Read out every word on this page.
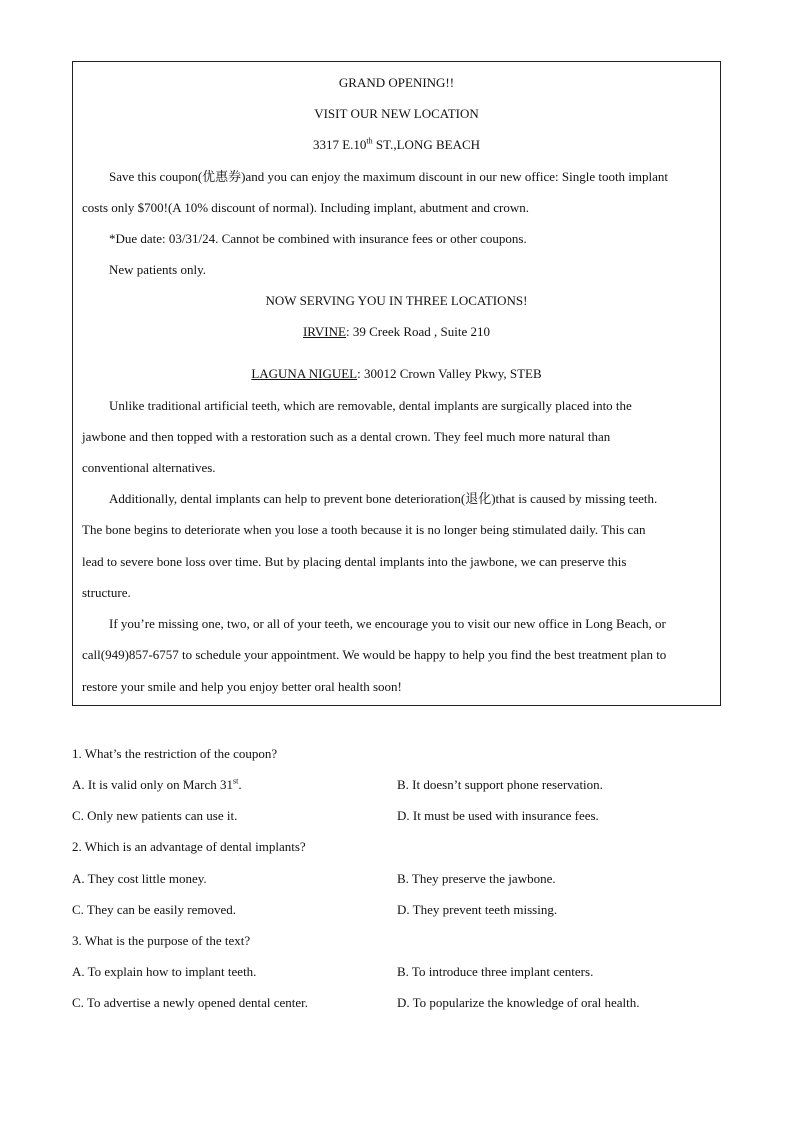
GRAND OPENING!!
VISIT OUR NEW LOCATION
3317 E.10th ST.,LONG BEACH
Save this coupon(优惠券)and you can enjoy the maximum discount in our new office: Single tooth implant
costs only $700!(A 10% discount of normal). Including implant, abutment and crown.
*Due date: 03/31/24. Cannot be combined with insurance fees or other coupons.
New patients only.
NOW SERVING YOU IN THREE LOCATIONS!
IRVINE: 39 Creek Road , Suite 210
LAGUNA NIGUEL: 30012 Crown Valley Pkwy, STEB
Unlike traditional artificial teeth, which are removable, dental implants are surgically placed into the
jawbone and then topped with a restoration such as a dental crown. They feel much more natural than
conventional alternatives.
Additionally, dental implants can help to prevent bone deterioration(退化)that is caused by missing teeth.
The bone begins to deteriorate when you lose a tooth because it is no longer being stimulated daily. This can
lead to severe bone loss over time. But by placing dental implants into the jawbone, we can preserve this
structure.
If you’re missing one, two, or all of your teeth, we encourage you to visit our new office in Long Beach, or
call(949)857-6757 to schedule your appointment. We would be happy to help you find the best treatment plan to
restore your smile and help you enjoy better oral health soon!
1. What’s the restriction of the coupon?
A. It is valid only on March 31st.	B. It doesn’t support phone reservation.
C. Only new patients can use it.	D. It must be used with insurance fees.
2. Which is an advantage of dental implants?
A. They cost little money.	B. They preserve the jawbone.
C. They can be easily removed.	D. They prevent teeth missing.
3. What is the purpose of the text?
A. To explain how to implant teeth.	B. To introduce three implant centers.
C. To advertise a newly opened dental center.	D. To popularize the knowledge of oral health.
